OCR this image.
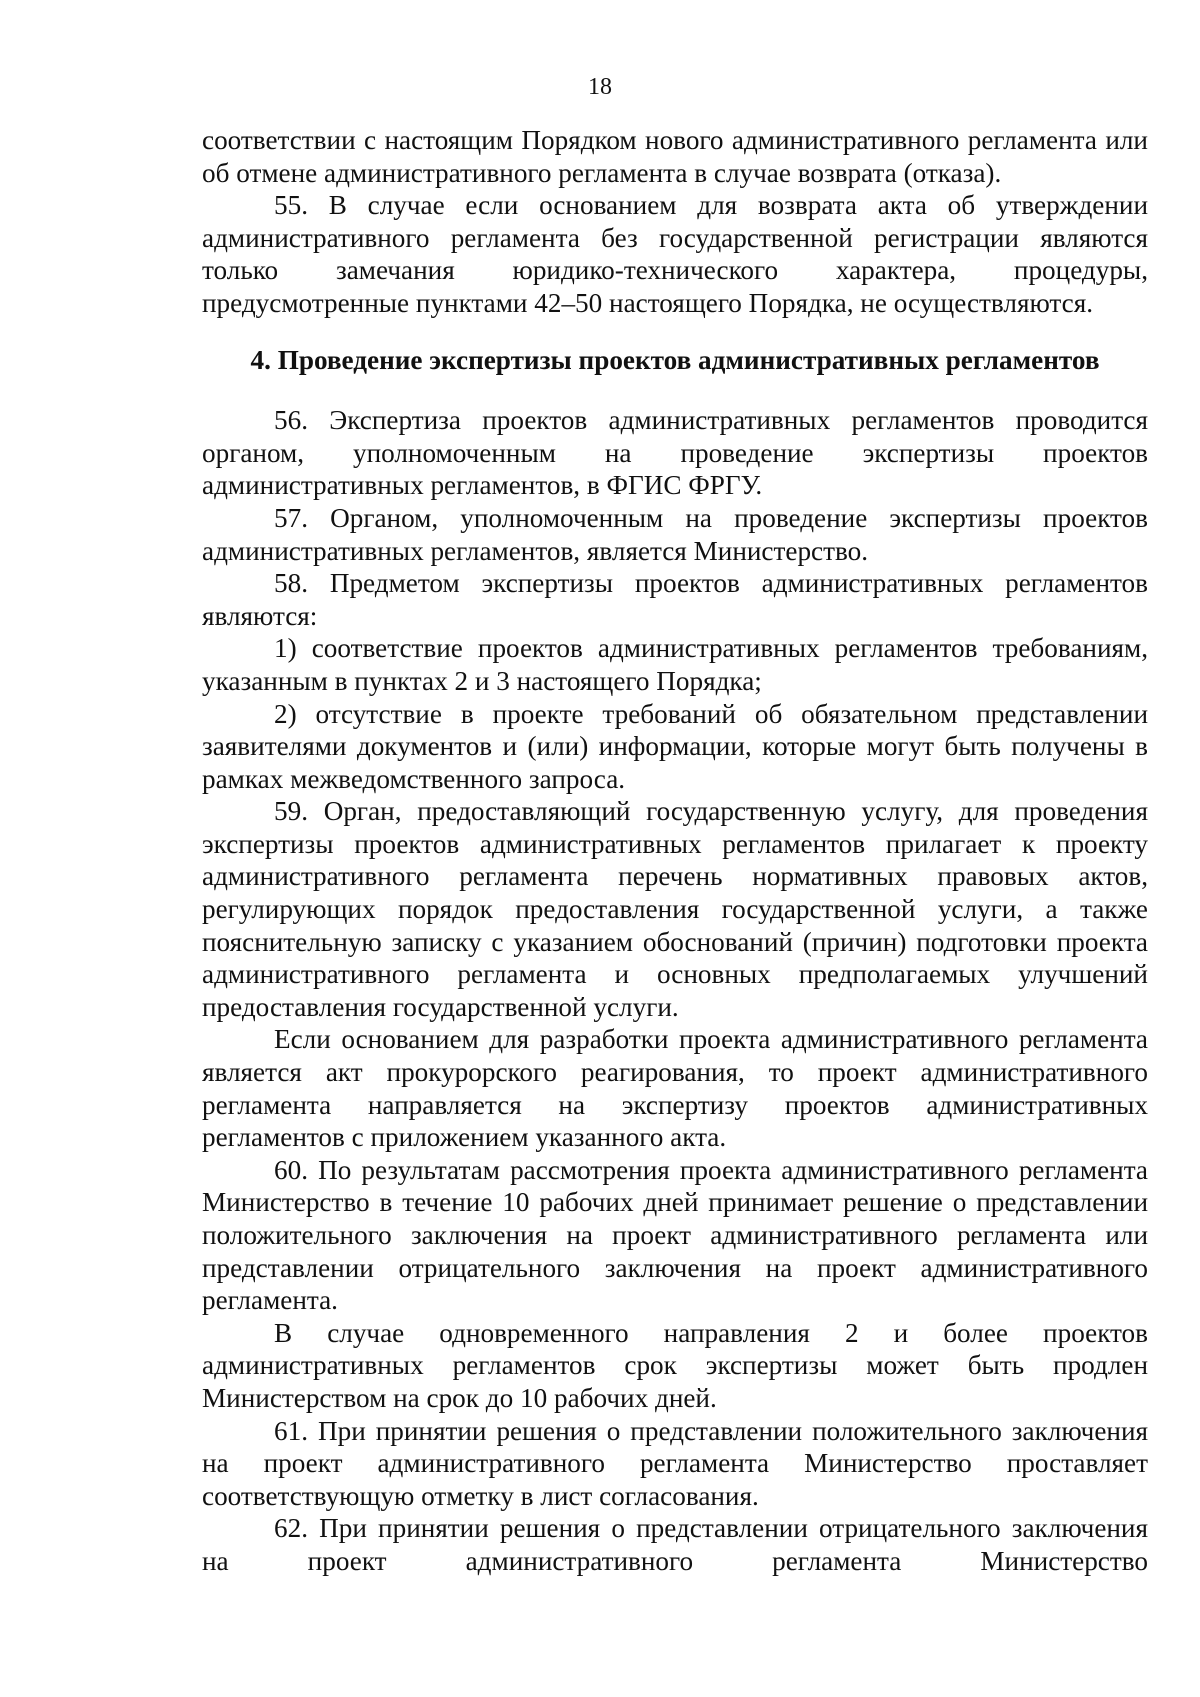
18

соответствии с настоящим Порядком нового административного регламента или об отмене административного регламента в случае возврата (отказа).

55. В случае если основанием для возврата акта об утверждении административного регламента без государственной регистрации являются только замечания юридико-технического характера, процедуры, предусмотренные пунктами 42–50 настоящего Порядка, не осуществляются.

4. Проведение экспертизы проектов административных регламентов

56. Экспертиза проектов административных регламентов проводится органом, уполномоченным на проведение экспертизы проектов административных регламентов, в ФГИС ФРГУ.

57. Органом, уполномоченным на проведение экспертизы проектов административных регламентов, является Министерство.

58. Предметом экспертизы проектов административных регламентов являются:

1) соответствие проектов административных регламентов требованиям, указанным в пунктах 2 и 3 настоящего Порядка;

2) отсутствие в проекте требований об обязательном представлении заявителями документов и (или) информации, которые могут быть получены в рамках межведомственного запроса.

59. Орган, предоставляющий государственную услугу, для проведения экспертизы проектов административных регламентов прилагает к проекту административного регламента перечень нормативных правовых актов, регулирующих порядок предоставления государственной услуги, а также пояснительную записку с указанием обоснований (причин) подготовки проекта административного регламента и основных предполагаемых улучшений предоставления государственной услуги.

Если основанием для разработки проекта административного регламента является акт прокурорского реагирования, то проект административного регламента направляется на экспертизу проектов административных регламентов с приложением указанного акта.

60. По результатам рассмотрения проекта административного регламента Министерство в течение 10 рабочих дней принимает решение о представлении положительного заключения на проект административного регламента или представлении отрицательного заключения на проект административного регламента.

В случае одновременного направления 2 и более проектов административных регламентов срок экспертизы может быть продлен Министерством на срок до 10 рабочих дней.

61. При принятии решения о представлении положительного заключения на проект административного регламента Министерство проставляет соответствующую отметку в лист согласования.

62. При принятии решения о представлении отрицательного заключения на проект административного регламента Министерство
